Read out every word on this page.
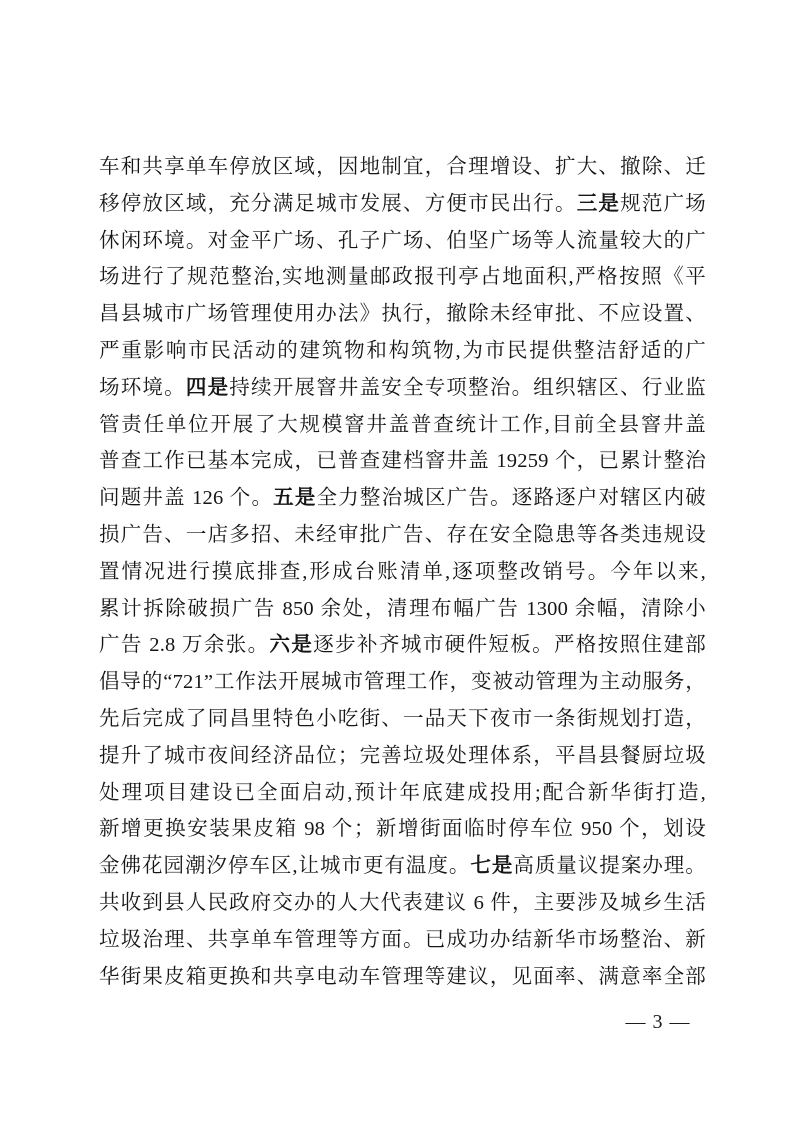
车和共享单车停放区域，因地制宜，合理增设、扩大、撤除、迁
移停放区域，充分满足城市发展、方便市民出行。三是规范广场
休闲环境。对金平广场、孔子广场、伯坚广场等人流量较大的广
场进行了规范整治,实地测量邮政报刊亭占地面积,严格按照《平
昌县城市广场管理使用办法》执行，撤除未经审批、不应设置、
严重影响市民活动的建筑物和构筑物,为市民提供整洁舒适的广
场环境。四是持续开展窨井盖安全专项整治。组织辖区、行业监
管责任单位开展了大规模窨井盖普查统计工作,目前全县窨井盖
普查工作已基本完成，已普查建档窨井盖 19259 个，已累计整治
问题井盖 126 个。五是全力整治城区广告。逐路逐户对辖区内破
损广告、一店多招、未经审批广告、存在安全隐患等各类违规设
置情况进行摸底排查,形成台账清单,逐项整改销号。今年以来,
累计拆除破损广告 850 余处，清理布幅广告 1300 余幅，清除小
广告 2.8 万余张。六是逐步补齐城市硬件短板。严格按照住建部
倡导的“721”工作法开展城市管理工作，变被动管理为主动服务，
先后完成了同昌里特色小吃街、一品天下夜市一条街规划打造，
提升了城市夜间经济品位；完善垃圾处理体系，平昌县餐厨垃圾
处理项目建设已全面启动,预计年底建成投用;配合新华街打造,
新增更换安装果皮箱 98 个；新增街面临时停车位 950 个，划设
金佛花园潮汐停车区,让城市更有温度。七是高质量议提案办理。
共收到县人民政府交办的人大代表建议 6 件，主要涉及城乡生活
垃圾治理、共享单车管理等方面。已成功办结新华市场整治、新
华街果皮箱更换和共享电动车管理等建议，见面率、满意率全部
— 3 —
